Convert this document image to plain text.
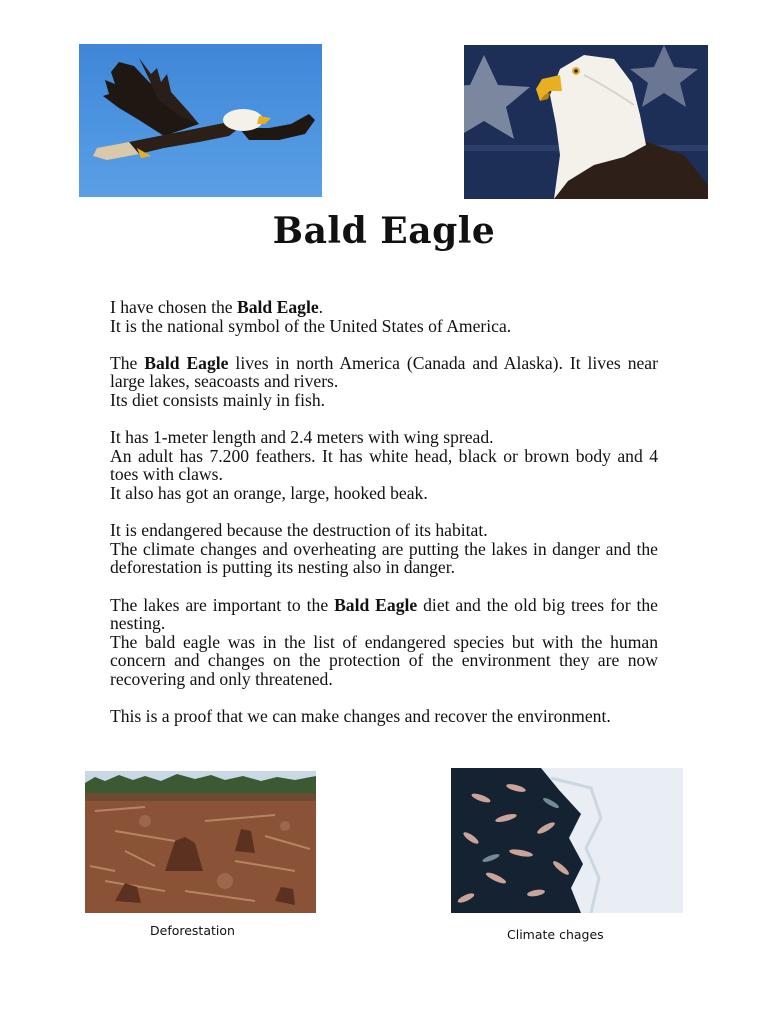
Bald Eagle

I have chosen the Bald Eagle.
It is the national symbol of the United States of America.

The Bald Eagle lives in north America (Canada and Alaska). It lives near large lakes, seacoasts and rivers.
Its diet consists mainly in fish.

It has 1-meter length and 2.4 meters with wing spread.
An adult has 7.200 feathers. It has white head, black or brown body and 4 toes with claws.
It also has got an orange, large, hooked beak.

It is endangered because the destruction of its habitat.
The climate changes and overheating are putting the lakes in danger and the deforestation is putting its nesting also in danger.

The lakes are important to the Bald Eagle diet and the old big trees for the nesting.
The bald eagle was in the list of endangered species but with the human concern and changes on the protection of the environment they are now recovering and only threatened.

This is a proof that we can make changes and recover the environment.

Deforestation	Climate chages
